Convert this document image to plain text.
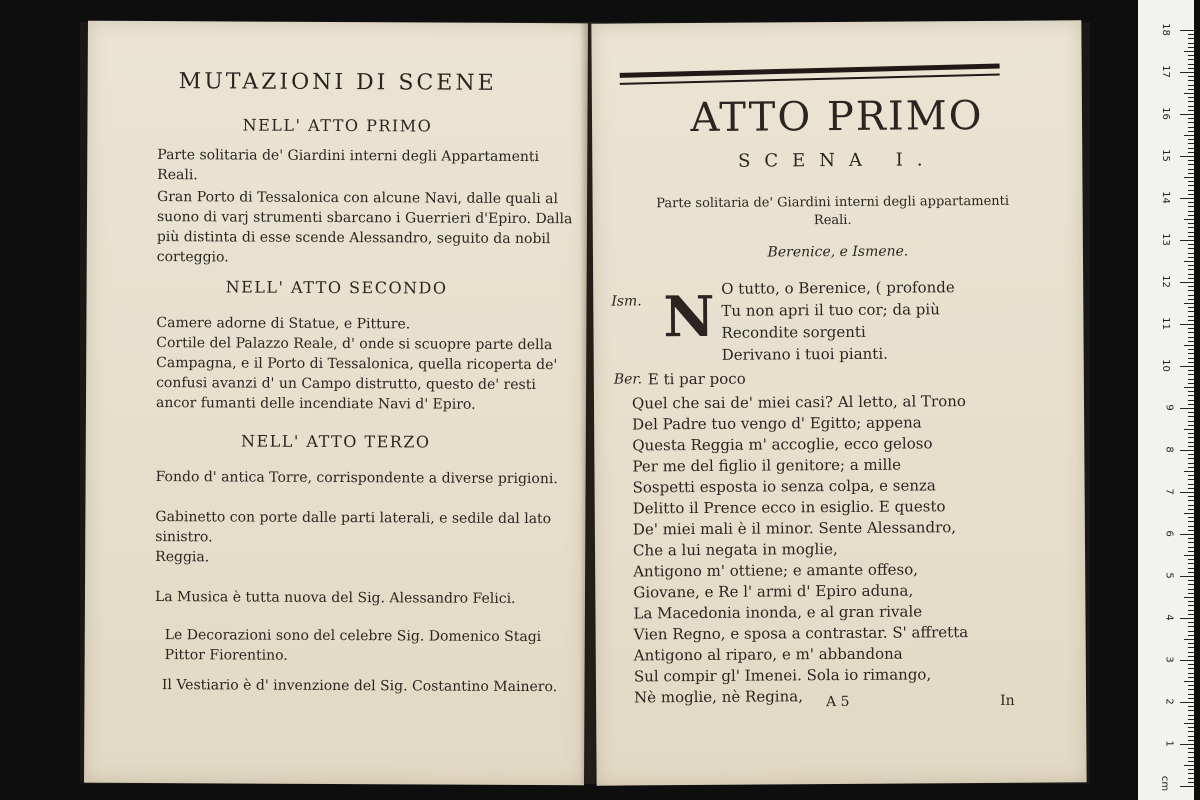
MUTAZIONI DI SCENE
NELL' ATTO PRIMO
Parte solitaria de' Giardini interni degli Appartamenti Reali.
Gran Porto di Tessalonica con alcune Navi, dalle quali al suono di varj strumenti sbarcano i Guerrieri d'Epiro. Dalla più distinta di esse scende Alessandro, seguito da nobil corteggio.
NELL' ATTO SECONDO
Camere adorne di Statue, e Pitture.
Cortile del Palazzo Reale, d' onde si scuopre parte della Campagna, e il Porto di Tessalonica, quella ricoperta de' confusi avanzi d' un Campo distrutto, questo de' resti ancor fumanti delle incendiate Navi d' Epiro.
NELL' ATTO TERZO
Fondo d' antica Torre, corrispondente a diverse prigioni.
Gabinetto con porte dalle parti laterali, e sedile dal lato sinistro.
Reggia.
La Musica è tutta nuova del Sig. Alessandro Felici.
Le Decorazioni sono del celebre Sig. Domenico Stagi Pittor Fiorentino.
Il Vestiario è d' invenzione del Sig. Costantino Mainero.
ATTO PRIMO
SCENA I.
Parte solitaria de' Giardini interni degli appartamenti Reali.
Berenice, e Ismene.
Ism. N O tutto, o Berenice, ( profonde
Tu non apri il tuo cor; da più
Recondite sorgenti
Derivano i tuoi pianti.
Ber. E ti par poco
Quel che sai de' miei casi? Al letto, al Trono
Del Padre tuo vengo d' Egitto; appena
Questa Reggia m' accoglie, ecco geloso
Per me del figlio il genitore; a mille
Sospetti esposta io senza colpa, e senza
Delitto il Prence ecco in esiglio. E questo
De' miei mali è il minor. Sente Alessandro,
Che a lui negata in moglie,
Antigono m' ottiene; e amante offeso,
Giovane, e Re l' armi d' Epiro aduna,
La Macedonia inonda, e al gran rivale
Vien Regno, e sposa a contrastar. S' affretta
Antigono al riparo, e m' abbandona
Sul compir gl' Imenei. Sola io rimango,
Nè moglie, nè Regina, A 5	In
18
17
16
15
14
13
12
11
10
9
8
7
6
5
4
3
2
1
cm
